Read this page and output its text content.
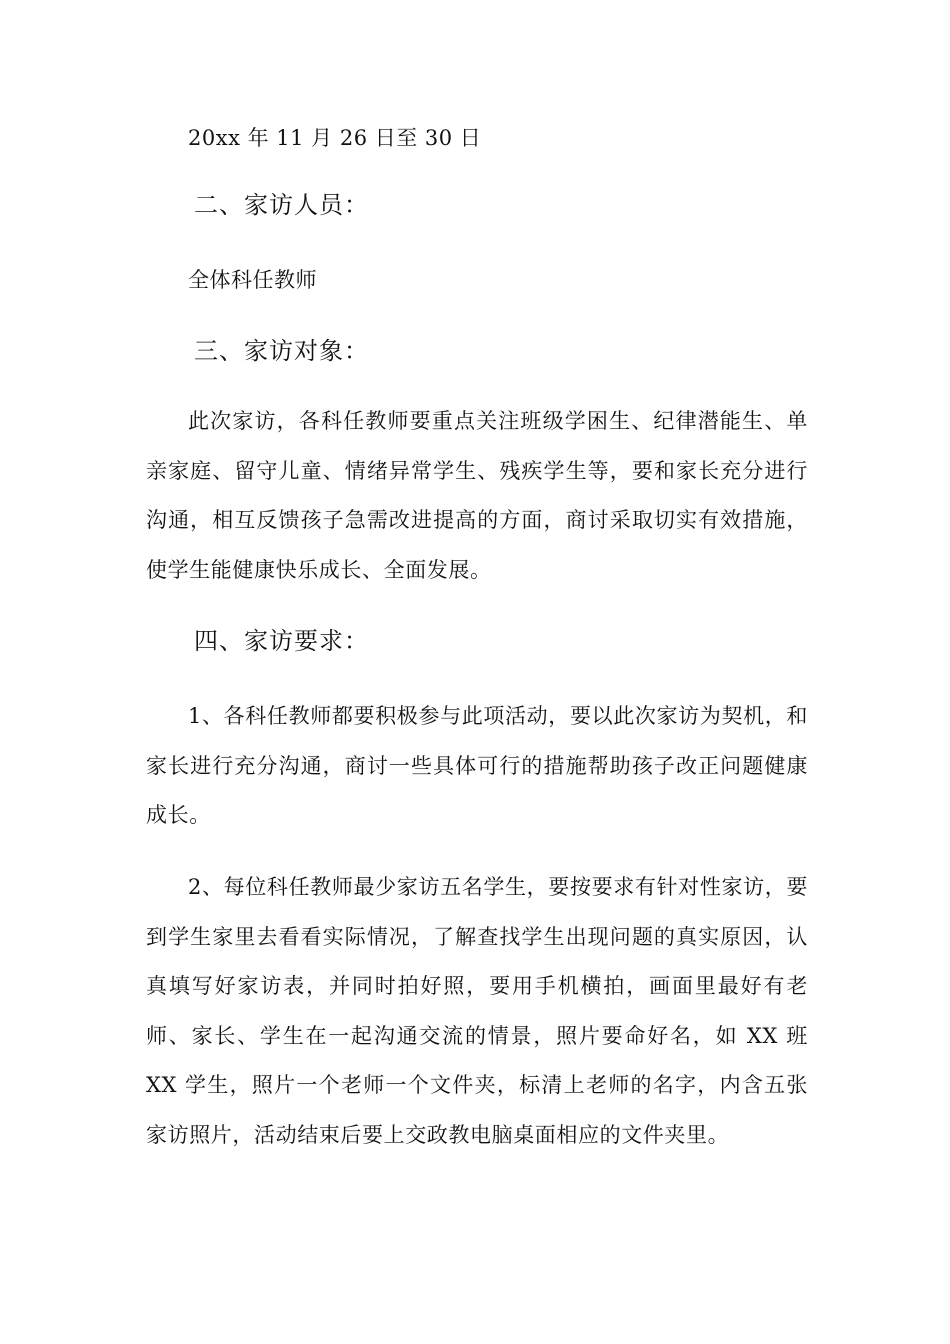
20xx 年 11 月 26 日至 30 日
二、家访人员：
全体科任教师
三、家访对象：
此次家访，各科任教师要重点关注班级学困生、纪律潜能生、单亲家庭、留守儿童、情绪异常学生、残疾学生等，要和家长充分进行沟通，相互反馈孩子急需改进提高的方面，商讨采取切实有效措施，使学生能健康快乐成长、全面发展。
四、家访要求：
1、各科任教师都要积极参与此项活动，要以此次家访为契机，和家长进行充分沟通，商讨一些具体可行的措施帮助孩子改正问题健康成长。
2、每位科任教师最少家访五名学生，要按要求有针对性家访，要到学生家里去看看实际情况，了解查找学生出现问题的真实原因，认真填写好家访表，并同时拍好照，要用手机横拍，画面里最好有老师、家长、学生在一起沟通交流的情景，照片要命好名，如 XX 班 XX 学生，照片一个老师一个文件夹，标清上老师的名字，内含五张家访照片，活动结束后要上交政教电脑桌面相应的文件夹里。
